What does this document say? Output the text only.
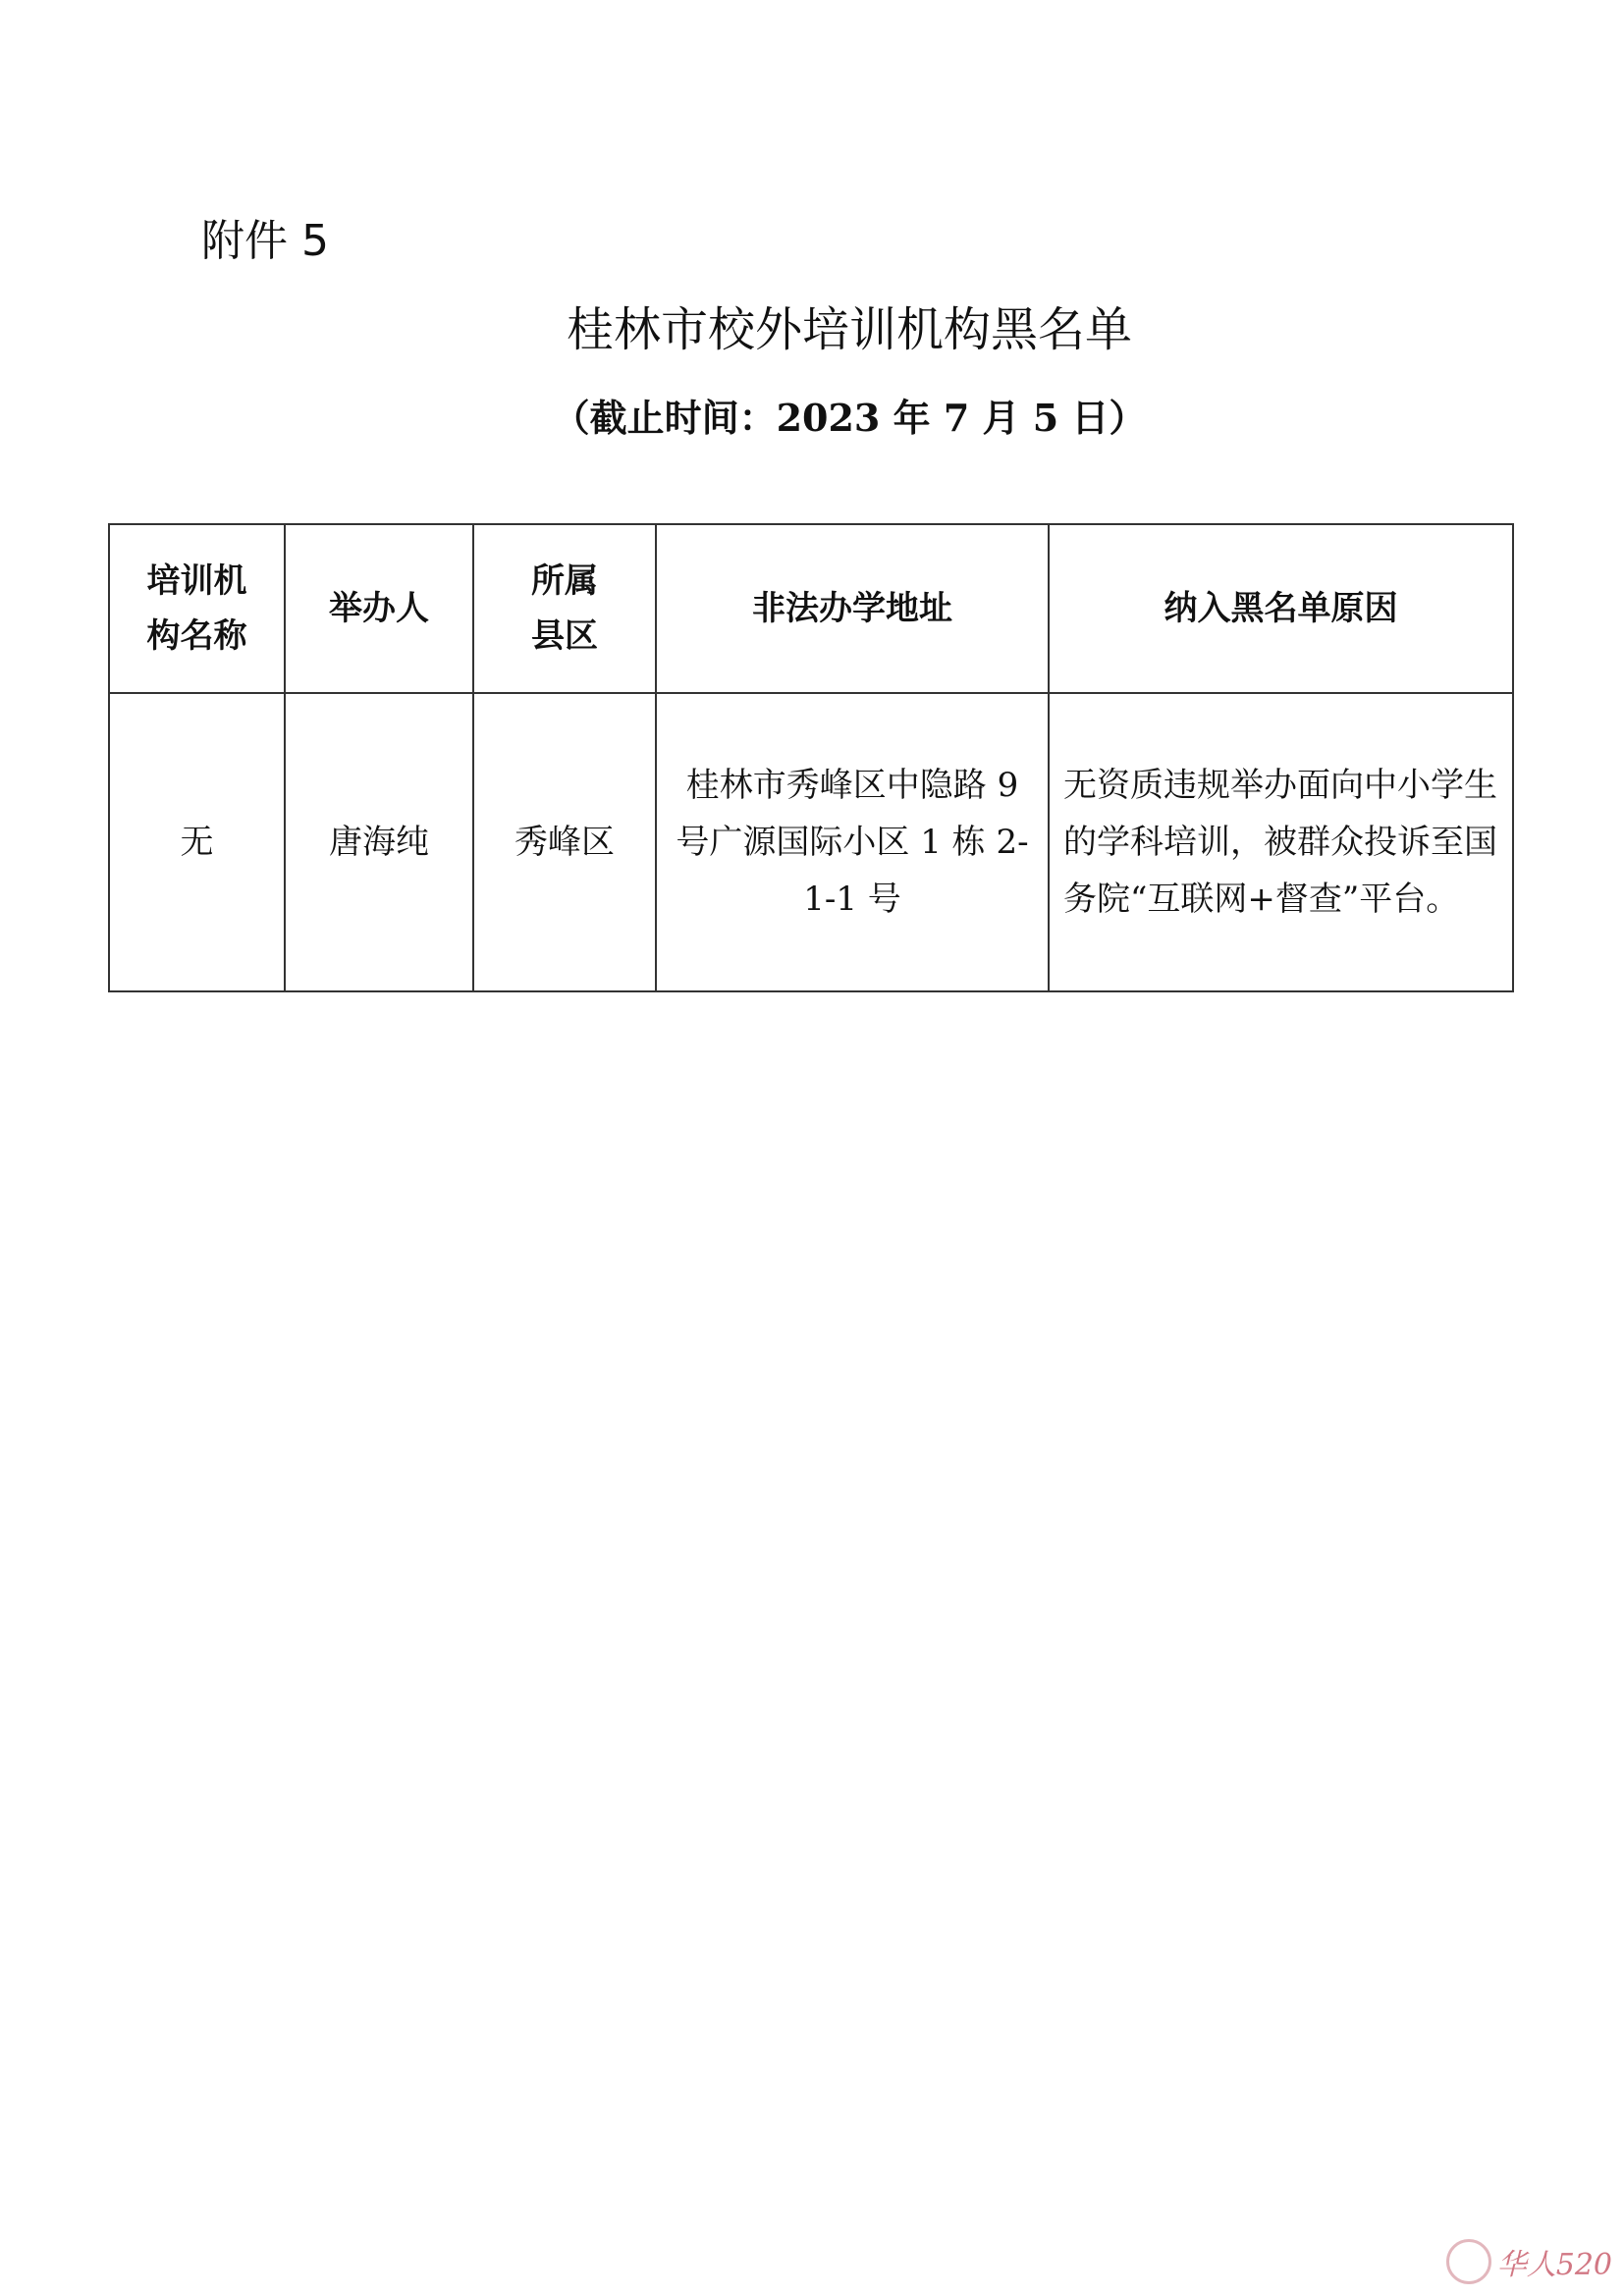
附件 5
桂林市校外培训机构黑名单
（截止时间：2023 年 7 月 5 日）
培训机构名称	举办人	所属县区	非法办学地址	纳入黑名单原因
无	唐海纯	秀峰区	桂林市秀峰区中隐路 9 号广源国际小区 1 栋 2-1-1 号	无资质违规举办面向中小学生的学科培训，被群众投诉至国务院“互联网+督查”平台。
华人520
